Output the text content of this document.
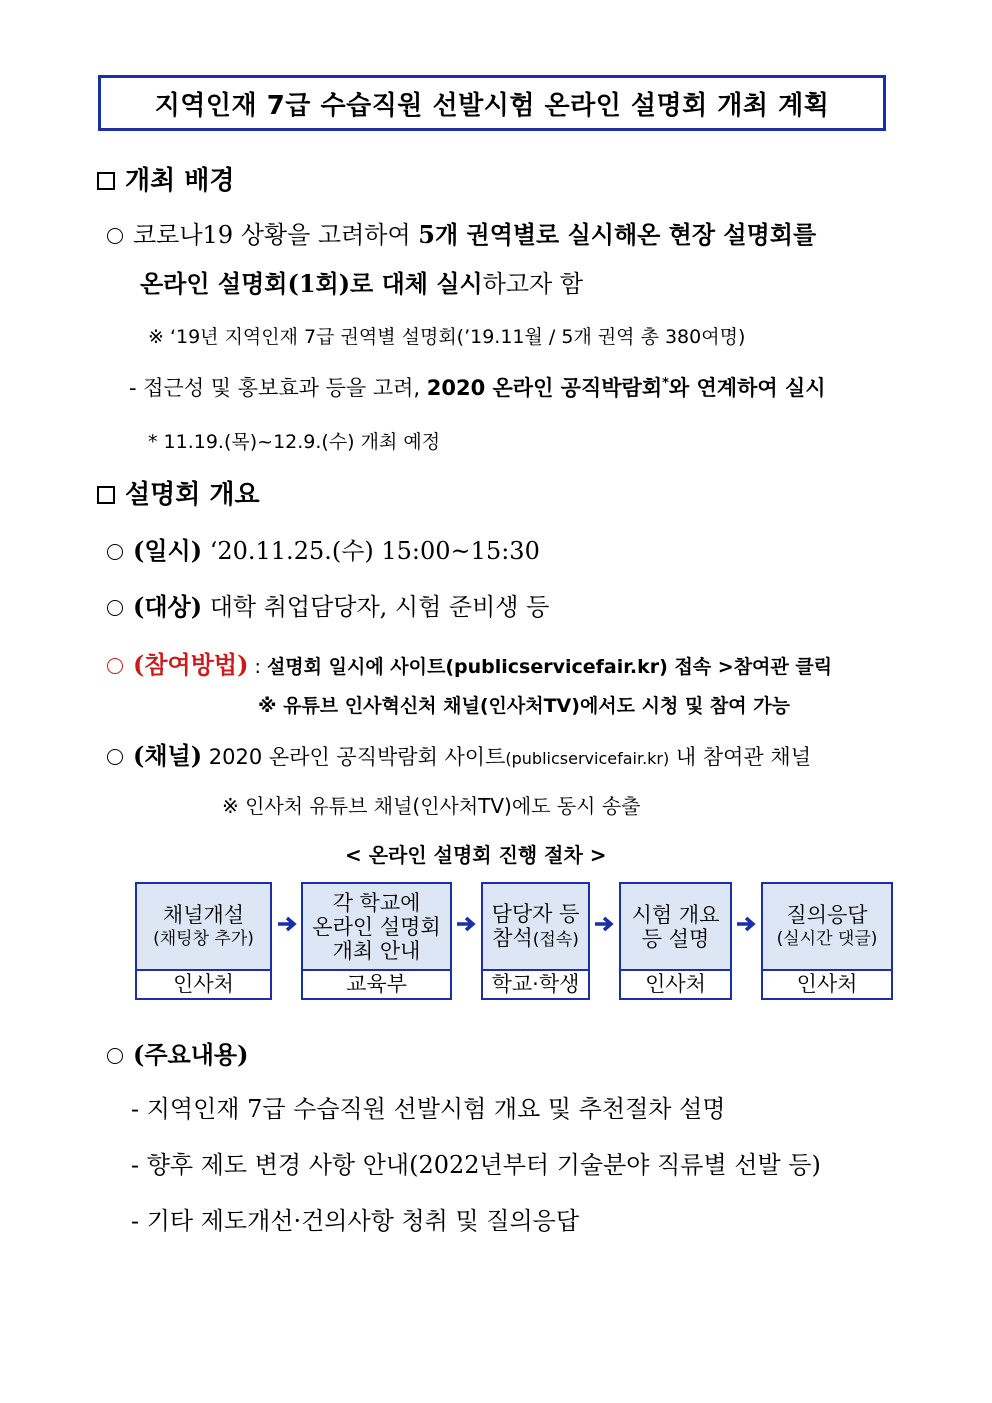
지역인재 7급 수습직원 선발시험 온라인 설명회 개최 계획
개최 배경
코로나19 상황을 고려하여 5개 권역별로 실시해온 현장 설명회를
온라인 설명회(1회)로 대체 실시하고자 함
※ ‘19년 지역인재 7급 권역별 설명회(’19.11월 / 5개 권역 총 380여명)
- 접근성 및 홍보효과 등을 고려, 2020 온라인 공직박람회*와 연계하여 실시
* 11.19.(목)~12.9.(수) 개최 예정
설명회 개요
(일시) ‘20.11.25.(수) 15:00~15:30
(대상) 대학 취업담당자, 시험 준비생 등
(참여방법) : 설명회 일시에 사이트(publicservicefair.kr) 접속 >참여관 클릭
※ 유튜브 인사혁신처 채널(인사처TV)에서도 시청 및 참여 가능
(채널) 2020 온라인 공직박람회 사이트(publicservicefair.kr) 내 참여관 채널
※ 인사처 유튜브 채널(인사처TV)에도 동시 송출
< 온라인 설명회 진행 절차 >
채널개설
(채팅창 추가)
인사처
각 학교에
온라인 설명회
개최 안내
교육부
담당자 등
참석(접속)
학교·학생
시험 개요
등 설명
인사처
질의응답
(실시간 댓글)
인사처
(주요내용)
- 지역인재 7급 수습직원 선발시험 개요 및 추천절차 설명
- 향후 제도 변경 사항 안내(2022년부터 기술분야 직류별 선발 등)
- 기타 제도개선·건의사항 청취 및 질의응답
